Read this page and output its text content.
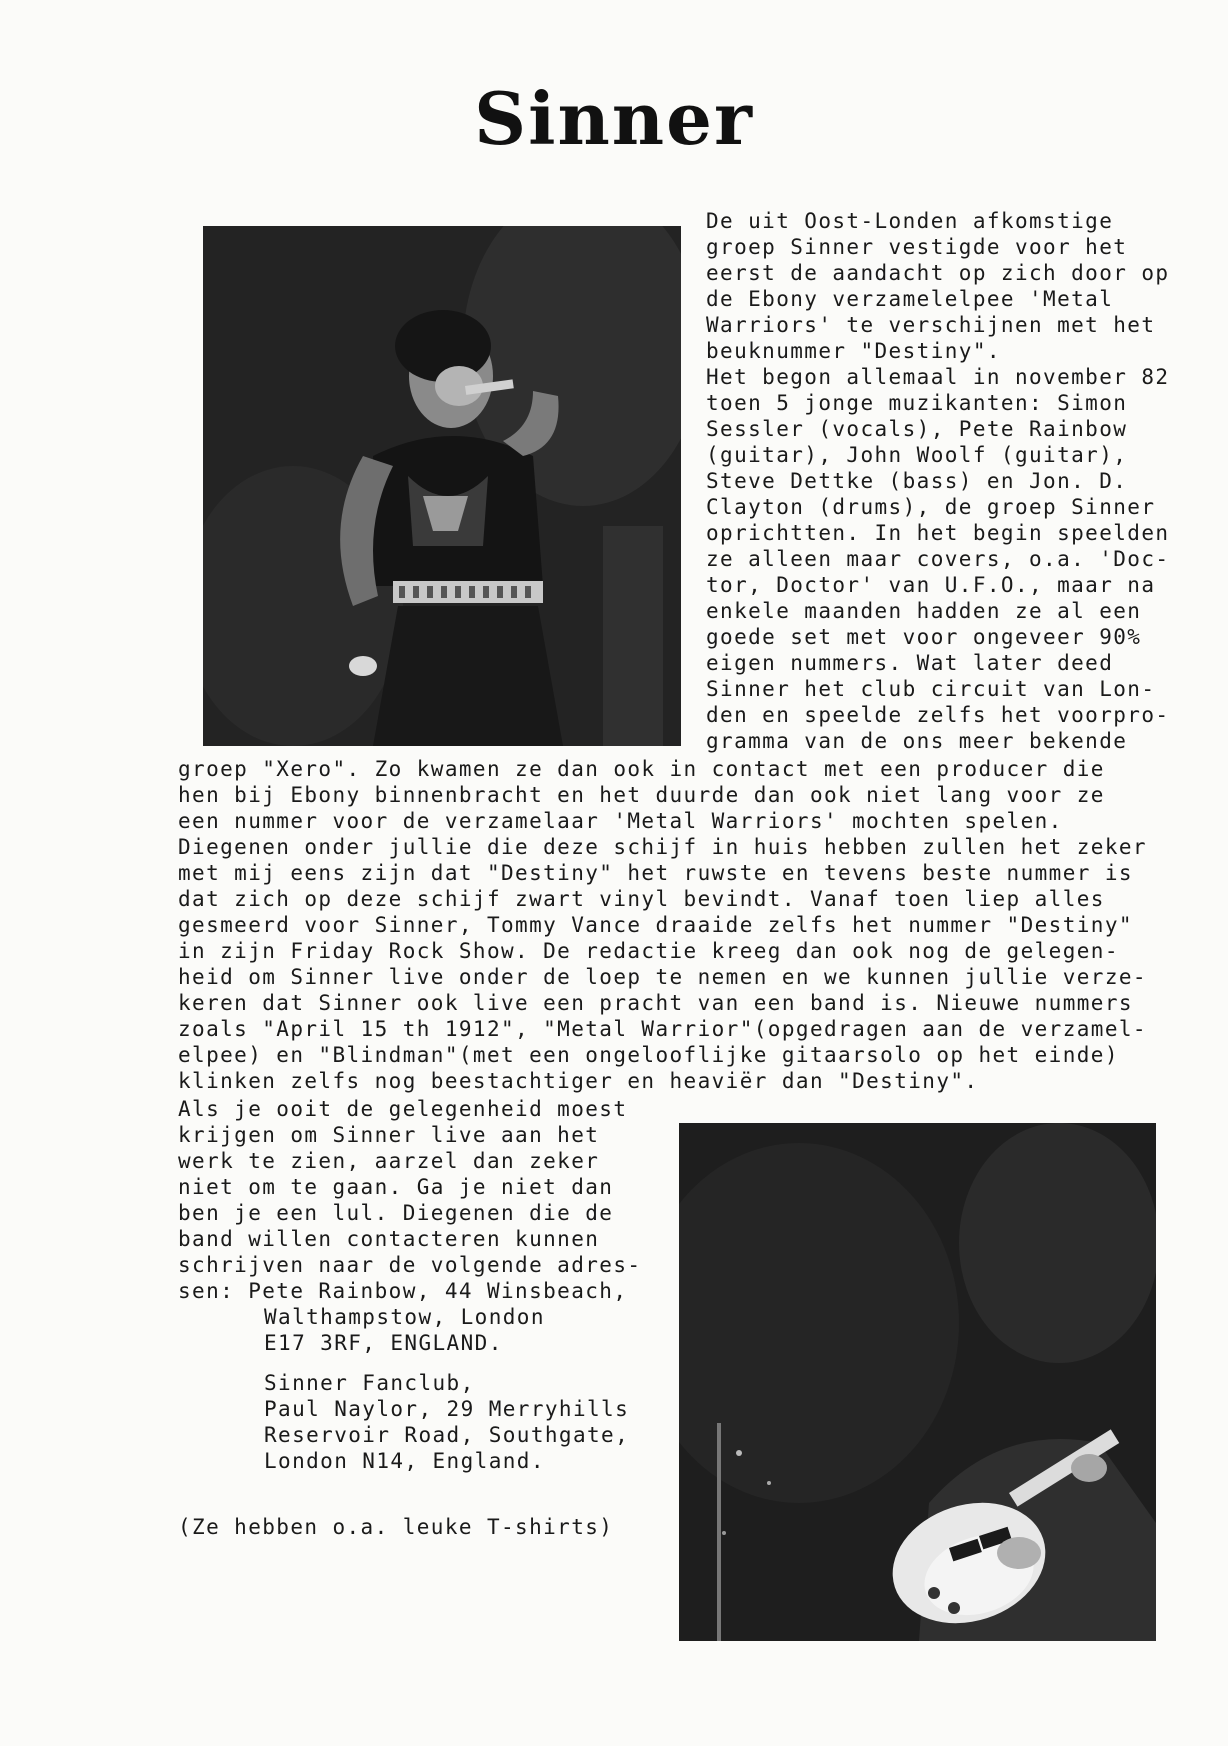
Sinner
De uit Oost-Londen afkomstige
groep Sinner vestigde voor het
eerst de aandacht op zich door op
de Ebony verzamelelpee 'Metal
Warriors' te verschijnen met het
beuknummer "Destiny".
Het begon allemaal in november 82
toen 5 jonge muzikanten: Simon
Sessler (vocals), Pete Rainbow
(guitar), John Woolf (guitar),
Steve Dettke (bass) en Jon. D.
Clayton (drums), de groep Sinner
oprichtten. In het begin speelden
ze alleen maar covers, o.a. 'Doc-
tor, Doctor' van U.F.O., maar na
enkele maanden hadden ze al een
goede set met voor ongeveer 90%
eigen nummers. Wat later deed
Sinner het club circuit van Lon-
den en speelde zelfs het voorpro-
gramma van de ons meer bekende
groep "Xero". Zo kwamen ze dan ook in contact met een producer die
hen bij Ebony binnenbracht en het duurde dan ook niet lang voor ze
een nummer voor de verzamelaar 'Metal Warriors' mochten spelen.
Diegenen onder jullie die deze schijf in huis hebben zullen het zeker
met mij eens zijn dat "Destiny" het ruwste en tevens beste nummer is
dat zich op deze schijf zwart vinyl bevindt. Vanaf toen liep alles
gesmeerd voor Sinner, Tommy Vance draaide zelfs het nummer "Destiny"
in zijn Friday Rock Show. De redactie kreeg dan ook nog de gelegen-
heid om Sinner live onder de loep te nemen en we kunnen jullie verze-
keren dat Sinner ook live een pracht van een band is. Nieuwe nummers
zoals "April 15 th 1912", "Metal Warrior"(opgedragen aan de verzamel-
elpee) en "Blindman"(met een ongelooflijke gitaarsolo op het einde)
klinken zelfs nog beestachtiger en heaviër dan "Destiny".
Als je ooit de gelegenheid moest
krijgen om Sinner live aan het
werk te zien, aarzel dan zeker
niet om te gaan. Ga je niet dan
ben je een lul. Diegenen die de
band willen contacteren kunnen
schrijven naar de volgende adres-
sen: Pete Rainbow, 44 Winsbeach,
Walthampstow, London
E17 3RF, ENGLAND.
Sinner Fanclub,
Paul Naylor, 29 Merryhills
Reservoir Road, Southgate,
London N14, England.
(Ze hebben o.a. leuke T-shirts)
